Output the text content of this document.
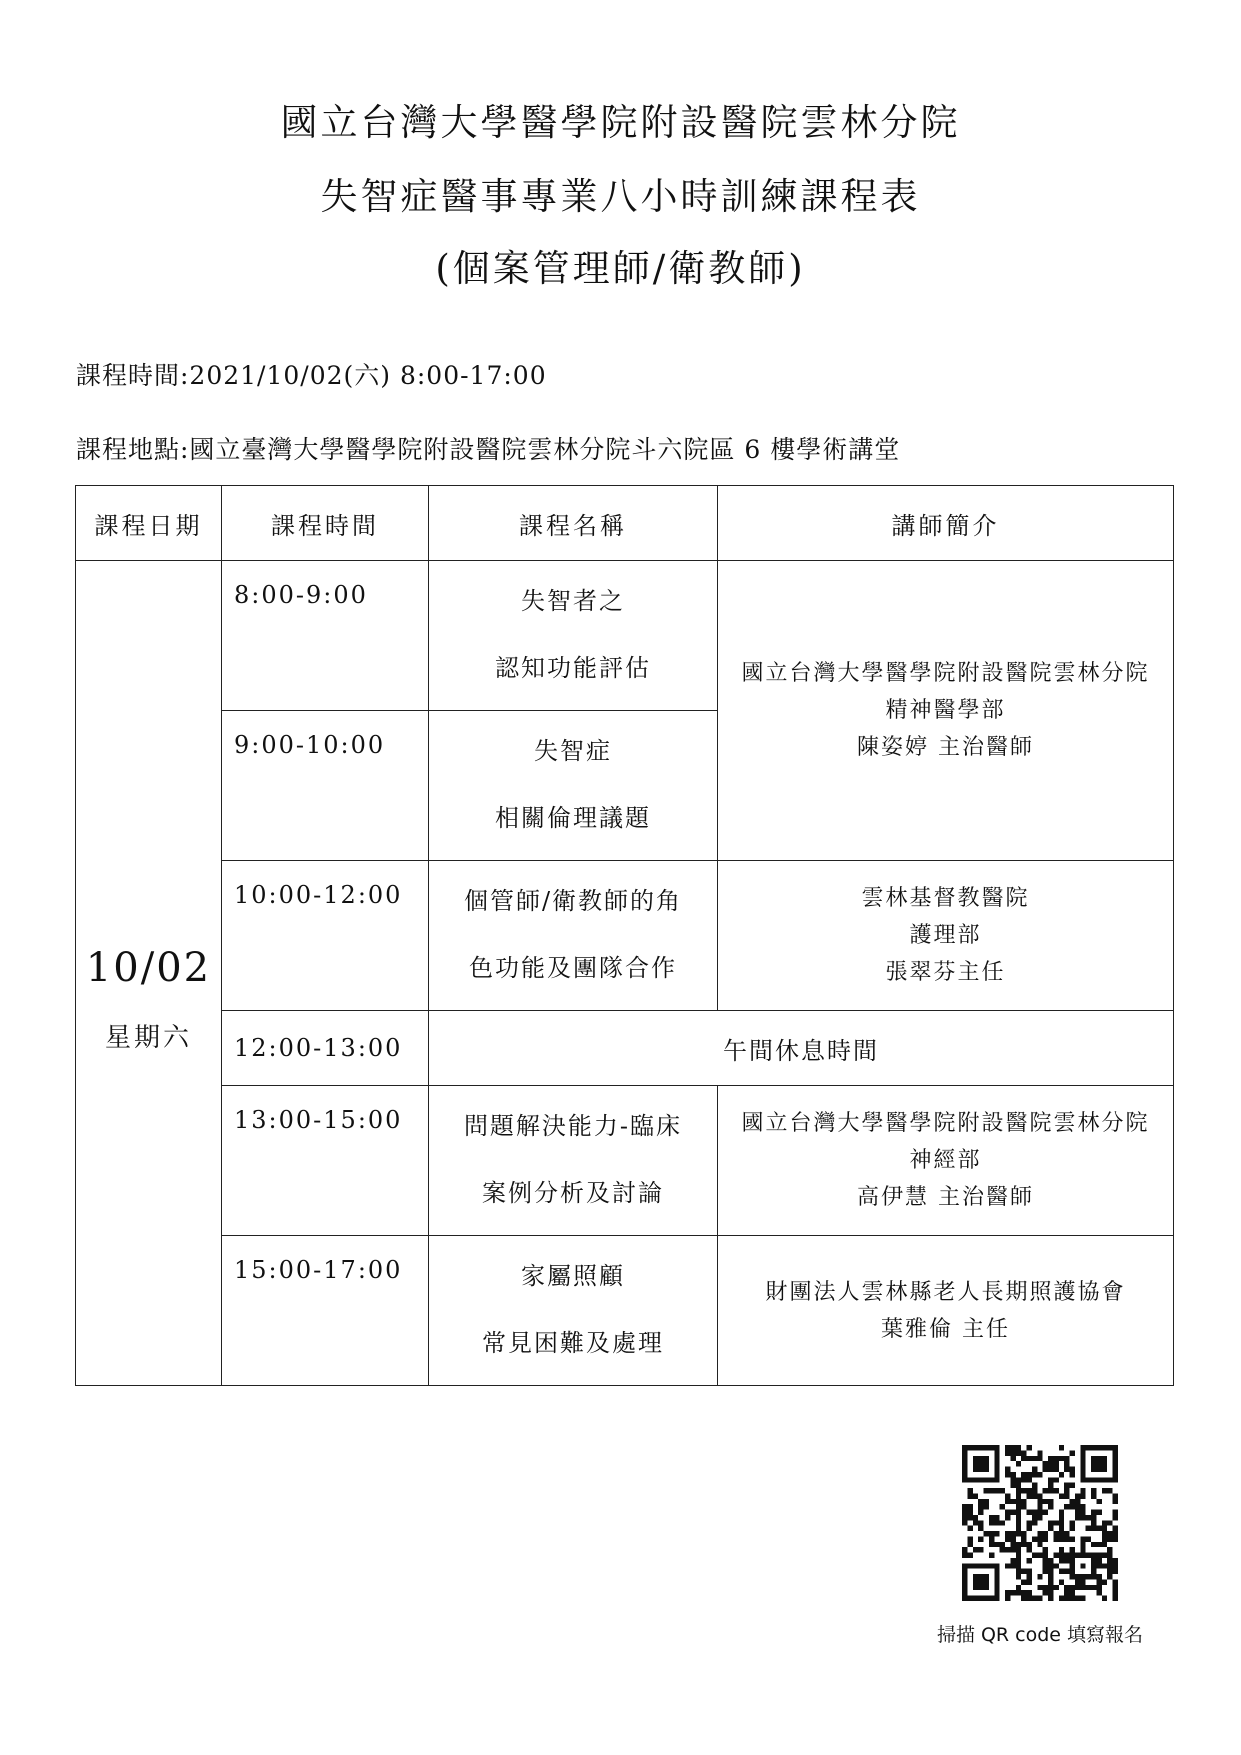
國立台灣大學醫學院附設醫院雲林分院
失智症醫事專業八小時訓練課程表
(個案管理師/衛教師)

課程時間:2021/10/02(六) 8:00-17:00

課程地點:國立臺灣大學醫學院附設醫院雲林分院斗六院區 6 樓學術講堂

課程日期	課程時間	課程名稱	講師簡介

10/02
星期六	8:00-9:00	失智者之
認知功能評估	國立台灣大學醫學院附設醫院雲林分院
精神醫學部
陳姿婷 主治醫師

	9:00-10:00	失智症
相關倫理議題	

	10:00-12:00	個管師/衛教師的角
色功能及團隊合作	雲林基督教醫院
護理部
張翠芬主任

	12:00-13:00	午間休息時間	
	13:00-15:00	問題解決能力-臨床
案例分析及討論	國立台灣大學醫學院附設醫院雲林分院
神經部
高伊慧 主治醫師

	15:00-17:00	家屬照顧
常見困難及處理	財團法人雲林縣老人長期照護協會
葉雅倫 主任
掃描 QR code 填寫報名
